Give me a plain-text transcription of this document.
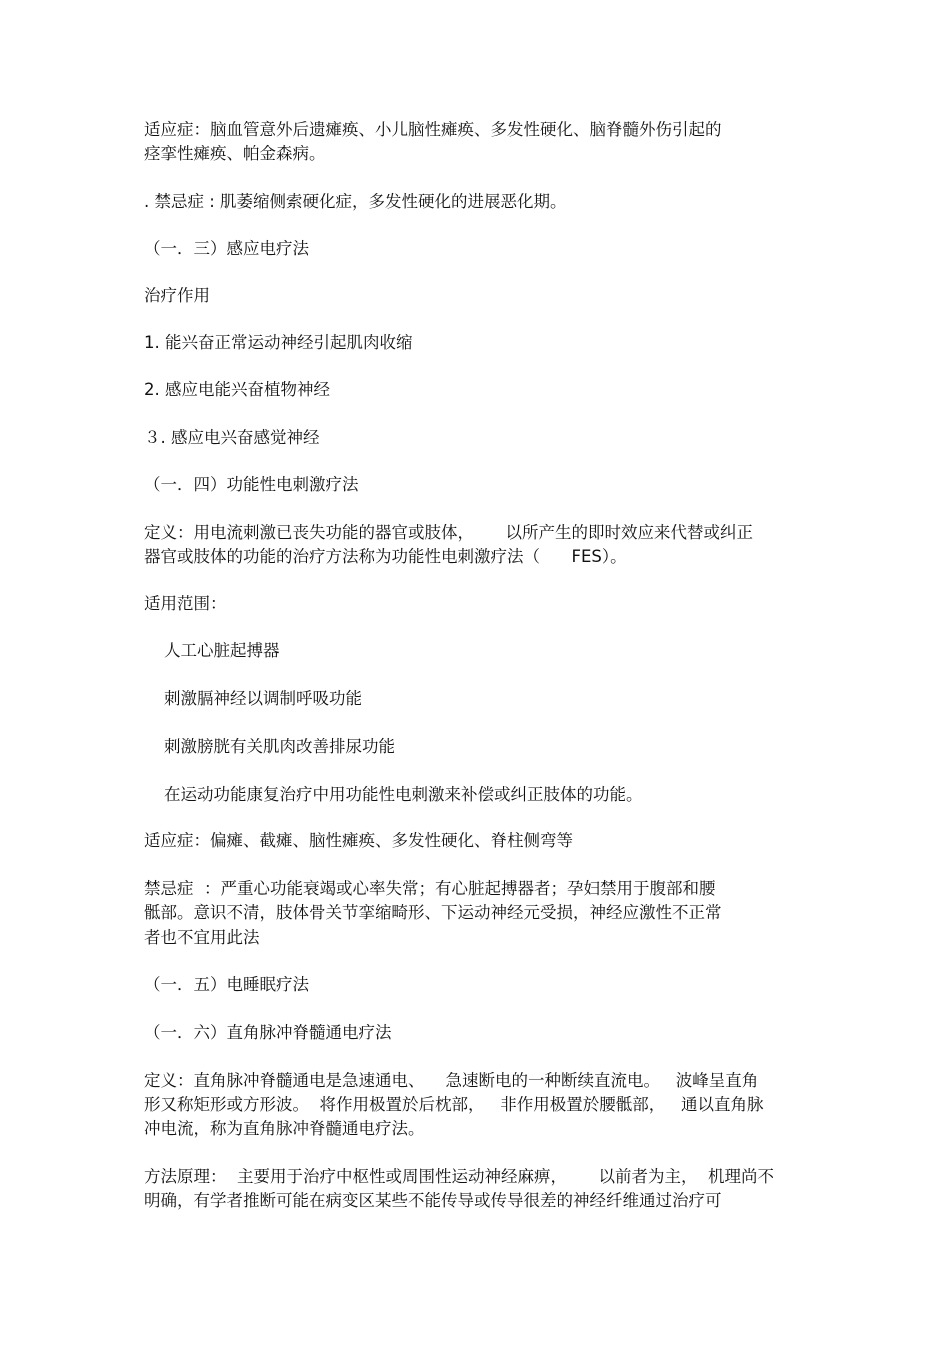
适应症：脑血管意外后遗瘫痪、小儿脑性瘫痪、多发性硬化、脑脊髓外伤引起的

痉挛性瘫痪、帕金森病。

. 禁忌症 : 肌萎缩侧索硬化症，多发性硬化的进展恶化期。

（一．三）感应电疗法

治疗作用

1. 能兴奋正常运动神经引起肌肉收缩

2. 感应电能兴奋植物神经

３. 感应电兴奋感觉神经

（一．四）功能性电刺激疗法

定义：用电流刺激已丧失功能的器官或肢体，      以所产生的即时效应来代替或纠正

器官或肢体的功能的治疗方法称为功能性电刺激疗法（      FES）。

适用范围：

人工心脏起搏器

刺激膈神经以调制呼吸功能

刺激膀胱有关肌肉改善排尿功能

在运动功能康复治疗中用功能性电刺激来补偿或纠正肢体的功能。

适应症：偏瘫、截瘫、脑性瘫痪、多发性硬化、脊柱侧弯等

禁忌症  ：严重心功能衰竭或心率失常；有心脏起搏器者；孕妇禁用于腹部和腰

骶部。意识不清，肢体骨关节挛缩畸形、下运动神经元受损，神经应激性不正常

者也不宜用此法

（一．五）电睡眠疗法

（一．六）直角脉冲脊髓通电疗法

定义：直角脉冲脊髓通电是急速通电、    急速断电的一种断续直流电。   波峰呈直角

形又称矩形或方形波。  将作用极置於后枕部，   非作用极置於腰骶部，   通以直角脉

冲电流，称为直角脉冲脊髓通电疗法。

方法原理：  主要用于治疗中枢性或周围性运动神经麻痹，      以前者为主，  机理尚不

明确，有学者推断可能在病变区某些不能传导或传导很差的神经纤维通过治疗可
